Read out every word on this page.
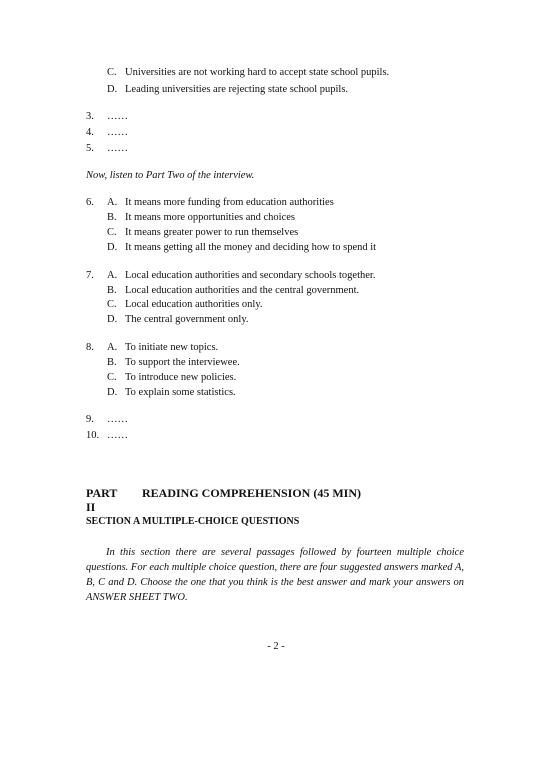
C. Universities are not working hard to accept state school pupils.
D. Leading universities are rejecting state school pupils.
3. ……
4. ……
5. ……
Now, listen to Part Two of the interview.
6. A. It means more funding from education authorities
B. It means more opportunities and choices
C. It means greater power to run themselves
D. It means getting all the money and deciding how to spend it
7. A. Local education authorities and secondary schools together.
B. Local education authorities and the central government.
C. Local education authorities only.
D. The central government only.
8. A. To initiate new topics.
B. To support the interviewee.
C. To introduce new policies.
D. To explain some statistics.
9. ……
10. ……
PART II
READING COMPREHENSION (45 MIN)
SECTION A MULTIPLE-CHOICE QUESTIONS

In this section there are several passages followed by fourteen multiple choice questions. For each multiple choice question, there are four suggested answers marked A, B, C and D. Choose the one that you think is the best answer and mark your answers on ANSWER SHEET TWO.

- 2 -
